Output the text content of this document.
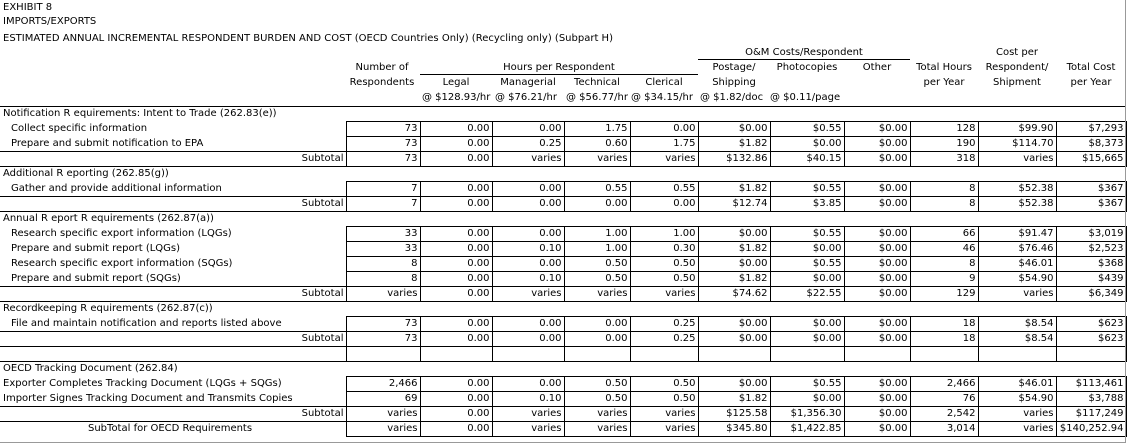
EXHIBIT 8
IMPORTS/EXPORTS
ESTIMATED ANNUAL INCREMENTAL RESPONDENT BURDEN AND COST (OECD Countries Only) (Recycling only) (Subpart H)
Number of
Respondents
Hours per Respondent
O&M Costs/Respondent	Cost per
Legal	Managerial	Technical	Clerical
Postage/
Shipping
Photocopies	Other	Total Hours
per Year
Respondent/
Shipment
Total Cost
per Year
@ $128.93/hr @ $76.21/hr @ $56.77/hr @ $34.15/hr @ $1.82/doc @ $0.11/page
Notification R equirements: Intent to Trade (262.83(e))											
Collect specific information	73	0.00	0.00	1.75	0.00	$0.00	$0.55	$0.00	128	$99.90	$7,293
Prepare and submit notification to EPA	73	0.00	0.25	0.60	1.75	$1.82	$0.00	$0.00	190	$114.70	$8,373
Subtotal	73	0.00	varies	varies	varies	$132.86	$40.15	$0.00	318	varies	$15,665
Additional R eporting (262.85(g))											
Gather and provide additional information	7	0.00	0.00	0.55	0.55	$1.82	$0.55	$0.00	8	$52.38	$367
Subtotal	7	0.00	0.00	0.00	0.00	$12.74	$3.85	$0.00	8	$52.38	$367
Annual R eport R equirements (262.87(a))											
Research specific export information (LQGs)	33	0.00	0.00	1.00	1.00	$0.00	$0.55	$0.00	66	$91.47	$3,019
Prepare and submit report (LQGs)	33	0.00	0.10	1.00	0.30	$1.82	$0.00	$0.00	46	$76.46	$2,523
Research specific export information (SQGs)	8	0.00	0.00	0.50	0.50	$0.00	$0.55	$0.00	8	$46.01	$368
Prepare and submit report (SQGs)	8	0.00	0.10	0.50	0.50	$1.82	$0.00	$0.00	9	$54.90	$439
Subtotal	varies	0.00	varies	varies	varies	$74.62	$22.55	$0.00	129	varies	$6,349
Recordkeeping R equirements (262.87(c))											
File and maintain notification and reports listed above	73	0.00	0.00	0.00	0.25	$0.00	$0.00	$0.00	18	$8.54	$623
Subtotal	73	0.00	0.00	0.00	0.25	$0.00	$0.00	$0.00	18	$8.54	$623

OECD Tracking Document (262.84)											
Exporter Completes Tracking Document (LQGs + SQGs)	2,466	0.00	0.00	0.50	0.50	$0.00	$0.55	$0.00	2,466	$46.01	$113,461
Importer Signes Tracking Document and Transmits Copies	69	0.00	0.10	0.50	0.50	$1.82	$0.00	$0.00	76	$54.90	$3,788
Subtotal	varies	0.00	varies	varies	varies	$125.58	$1,356.30	$0.00	2,542	varies	$117,249
SubTotal for OECD Requirements	varies	0.00	varies	varies	varies	$345.80	$1,422.85	$0.00	3,014	varies	$140,252.94
